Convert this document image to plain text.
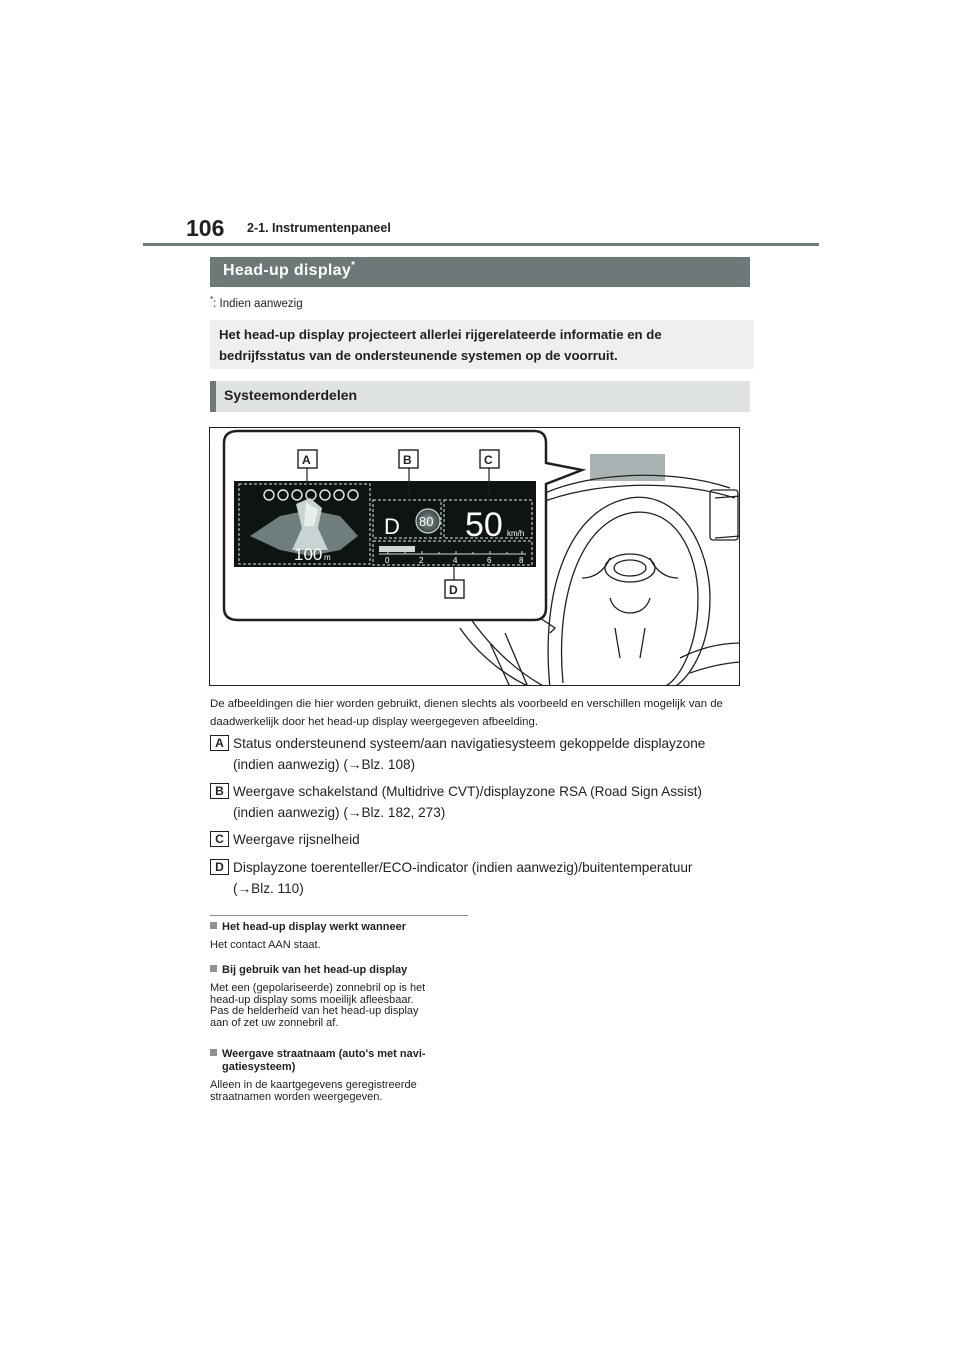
106 2-1. Instrumentenpaneel
Head-up display*
*: Indien aanwezig
Het head-up display projecteert allerlei rijgerelateerde informatie en de bedrijfsstatus van de ondersteunende systemen op de voorruit.
Systeemonderdelen
100 m
D 80 50 km/h
0	2	4	6	8
A	B	C
D
De afbeeldingen die hier worden gebruikt, dienen slechts als voorbeeld en verschillen mogelijk van de daadwerkelijk door het head-up display weergegeven afbeelding.
A Status ondersteunend systeem/aan navigatiesysteem gekoppelde displayzone
(indien aanwezig) (→Blz. 108)
B Weergave schakelstand (Multidrive CVT)/displayzone RSA (Road Sign Assist)
(indien aanwezig) (→Blz. 182, 273)
C Weergave rijsnelheid
D Displayzone toerenteller/ECO-indicator (indien aanwezig)/buitentemperatuur
(→Blz. 110)
Het head-up display werkt wanneer
Het contact AAN staat.
Bij gebruik van het head-up display
Met een (gepolariseerde) zonnebril op is het
head-up display soms moeilijk afleesbaar.
Pas de helderheid van het head-up display
aan of zet uw zonnebril af.
Weergave straatnaam (auto's met navi-
gatiesysteem)
Alleen in de kaartgegevens geregistreerde
straatnamen worden weergegeven.
